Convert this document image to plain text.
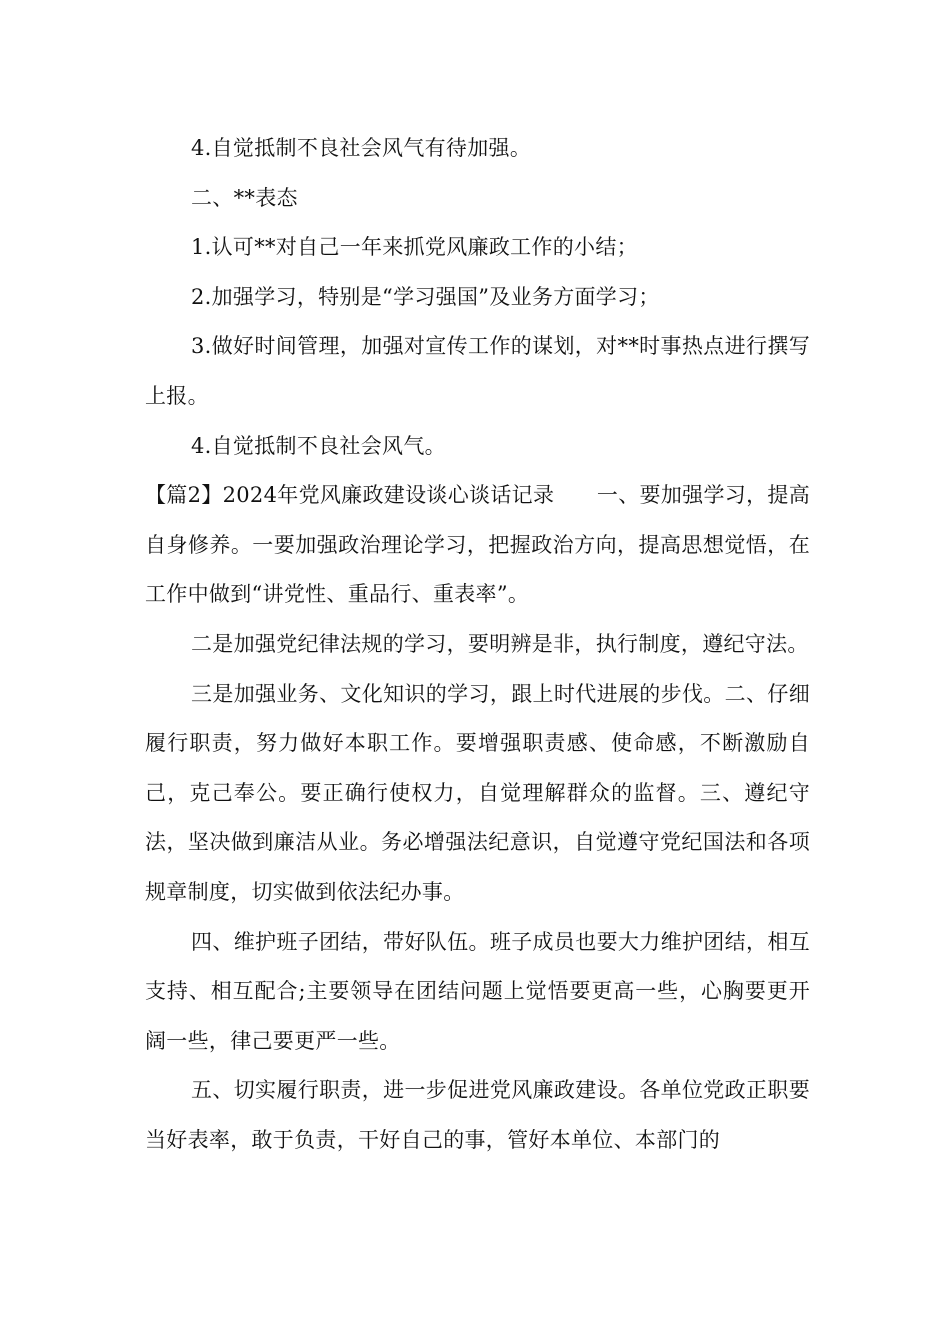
4.自觉抵制不良社会风气有待加强。

二、**表态

1.认可**对自己一年来抓党风廉政工作的小结；

2.加强学习，特别是“学习强国”及业务方面学习；

3.做好时间管理，加强对宣传工作的谋划，对**时事热点进行撰写上报。

4.自觉抵制不良社会风气。

【篇2】2024年党风廉政建设谈心谈话记录　　一、要加强学习，提高自身修养。一要加强政治理论学习，把握政治方向，提高思想觉悟，在工作中做到“讲党性、重品行、重表率”。

二是加强党纪律法规的学习，要明辨是非，执行制度，遵纪守法。

三是加强业务、文化知识的学习，跟上时代进展的步伐。二、仔细履行职责，努力做好本职工作。要增强职责感、使命感，不断激励自己，克己奉公。要正确行使权力，自觉理解群众的监督。三、遵纪守法，坚决做到廉洁从业。务必增强法纪意识，自觉遵守党纪国法和各项规章制度，切实做到依法纪办事。

四、维护班子团结，带好队伍。班子成员也要大力维护团结，相互支持、相互配合;主要领导在团结问题上觉悟要更高一些，心胸要更开阔一些，律己要更严一些。

五、切实履行职责，进一步促进党风廉政建设。各单位党政正职要当好表率，敢于负责，干好自己的事，管好本单位、本部门的
